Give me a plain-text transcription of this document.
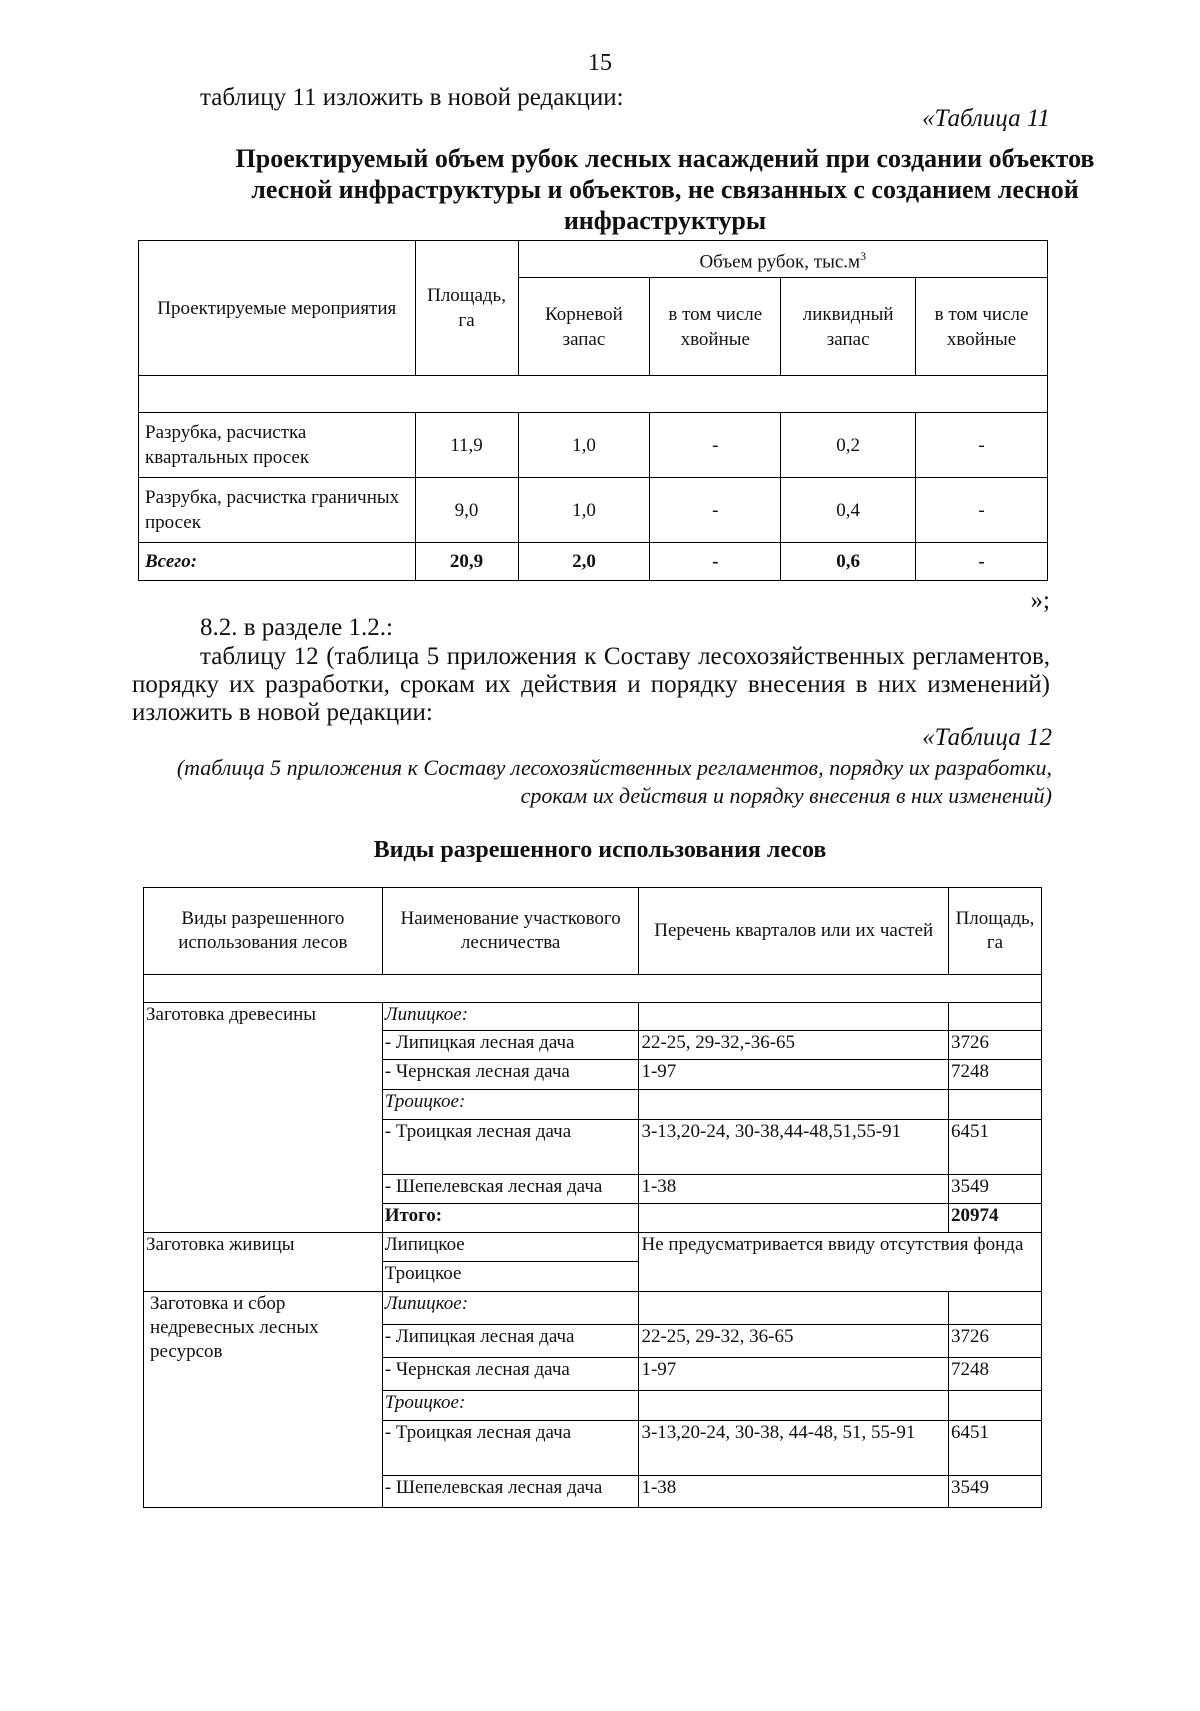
15
таблицу 11 изложить в новой редакции:
«Таблица 11
Проектируемый объем рубок лесных насаждений при создании объектов лесной инфраструктуры и объектов, не связанных с созданием лесной инфраструктуры
Проектируемые мероприятия	Площадь, га	Объем рубок, $тыс.м^3$
		Корневой запас	в том числе хвойные	ликвидный запас	в том числе хвойные

Разрубка, расчистка квартальных просек	11,9	1,0	-	0,2	-
Разрубка, расчистка граничных просек	9,0	1,0	-	0,4	-
Всего:	20,9	2,0	-	0,6	-
»;
8.2. в разделе 1.2.:
таблицу 12 (таблица 5 приложения к Составу лесохозяйственных регламентов,
порядку их разработки, срокам их действия и порядку внесения в них изменений)
изложить в новой редакции:
«Таблица 12
(таблица 5 приложения к Составу лесохозяйственных регламентов, порядку их разработки,
срокам их действия и порядку внесения в них изменений)
Виды разрешенного использования лесов
Виды разрешенного использования лесов	Наименование участкового лесничества	Перечень кварталов или их частей	Площадь, га

Заготовка древесины	Липицкое:		
	- Липицкая лесная дача	22-25, 29-32,-36-65	3726
	- Чернская лесная дача	1-97	7248
	Троицкое:		
	- Троицкая лесная дача	3-13,20-24, 30-38,44-48,51,55-91	6451
	- Шепелевская лесная дача	1-38	3549
	Итого:		20974
Заготовка живицы	Липицкое	Не предусматривается ввиду отсутствия фонда	
	Троицкое		
Заготовка и сбор недревесных лесных ресурсов	Липицкое:		
	- Липицкая лесная дача	22-25, 29-32, 36-65	3726
	- Чернская лесная дача	1-97	7248
	Троицкое:		
	- Троицкая лесная дача	3-13,20-24, 30-38, 44-48, 51, 55-91	6451
	- Шепелевская лесная дача	1-38	3549
